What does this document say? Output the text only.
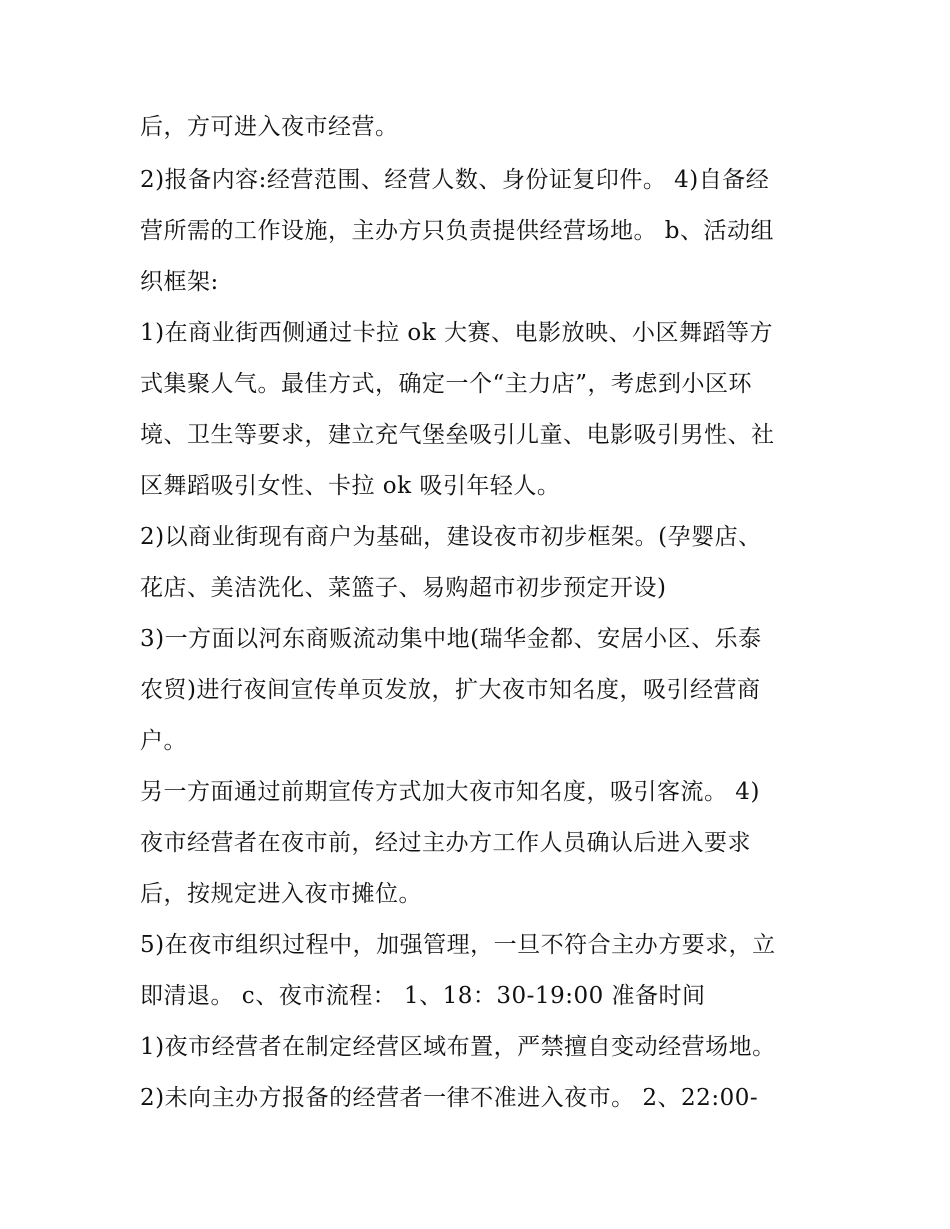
后，方可进入夜市经营。
2)报备内容:经营范围、经营人数、身份证复印件。 4)自备经
营所需的工作设施，主办方只负责提供经营场地。 b、活动组
织框架:
1)在商业街西侧通过卡拉 ok 大赛、电影放映、小区舞蹈等方
式集聚人气。最佳方式，确定一个“主力店”，考虑到小区环
境、卫生等要求，建立充气堡垒吸引儿童、电影吸引男性、社
区舞蹈吸引女性、卡拉 ok 吸引年轻人。
2)以商业街现有商户为基础，建设夜市初步框架。(孕婴店、
花店、美洁洗化、菜篮子、易购超市初步预定开设)
3)一方面以河东商贩流动集中地(瑞华金都、安居小区、乐泰
农贸)进行夜间宣传单页发放，扩大夜市知名度，吸引经营商
户。
另一方面通过前期宣传方式加大夜市知名度，吸引客流。 4)
夜市经营者在夜市前，经过主办方工作人员确认后进入要求
后，按规定进入夜市摊位。
5)在夜市组织过程中，加强管理，一旦不符合主办方要求，立
即清退。 c、夜市流程： 1、18：30-19:00 准备时间
1)夜市经营者在制定经营区域布置，严禁擅自变动经营场地。
2)未向主办方报备的经营者一律不准进入夜市。 2、22:00-
